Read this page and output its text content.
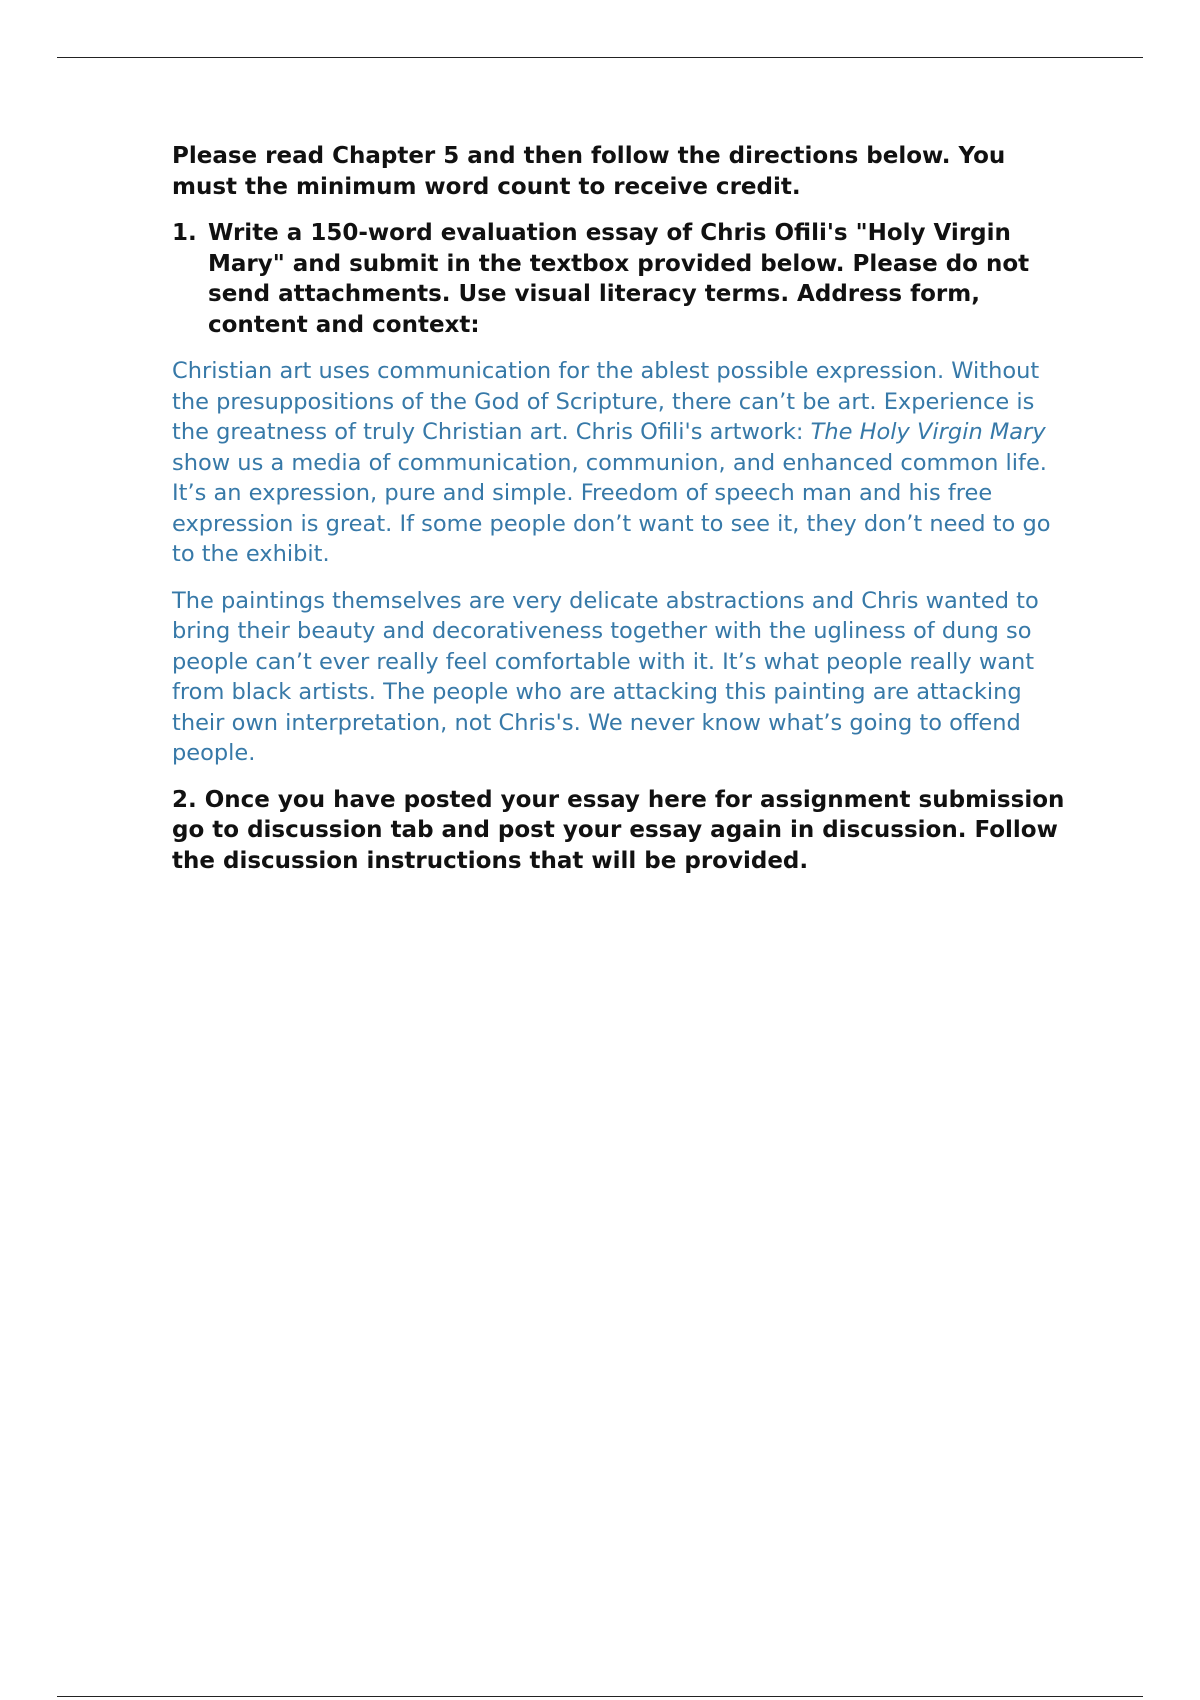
Please read Chapter 5 and then follow the directions below. You must the minimum word count to receive credit.

1. Write a 150-word evaluation essay of Chris Ofili's "Holy Virgin Mary" and submit in the textbox provided below. Please do not send attachments. Use visual literacy terms. Address form, content and context:

Christian art uses communication for the ablest possible expression. Without the presuppositions of the God of Scripture, there can’t be art. Experience is the greatness of truly Christian art. Chris Ofili's artwork: The Holy Virgin Mary show us a media of communication, communion, and enhanced common life. It’s an expression, pure and simple. Freedom of speech man and his free expression is great. If some people don’t want to see it, they don’t need to go to the exhibit.

The paintings themselves are very delicate abstractions and Chris wanted to bring their beauty and decorativeness together with the ugliness of dung so people can’t ever really feel comfortable with it. It’s what people really want from black artists. The people who are attacking this painting are attacking their own interpretation, not Chris's. We never know what’s going to offend people.

2. Once you have posted your essay here for assignment submission go to discussion tab and post your essay again in discussion. Follow the discussion instructions that will be provided.
